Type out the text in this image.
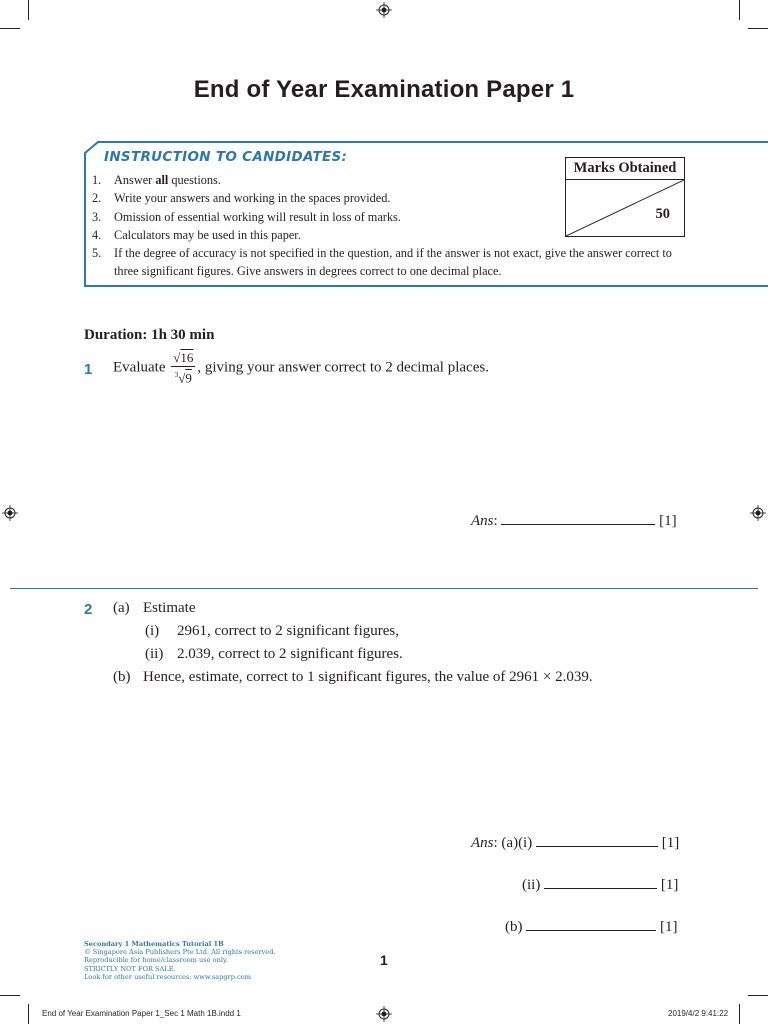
End of Year Examination Paper 1
INSTRUCTION TO CANDIDATES:
1.	Answer all questions.
2.	Write your answers and working in the spaces provided.
3.	Omission of essential working will result in loss of marks.
4.	Calculators may be used in this paper.
5.	If the degree of accuracy is not specified in the question, and if the answer is not exact, give the answer correct to three significant figures. Give answers in degrees correct to one decimal place.
Marks Obtained
50
Duration: 1h 30 min
1 Evaluate $\frac{√16}{^3√9}$ , giving your answer correct to 2 decimal places.
Ans:	[1]
2 (a) Estimate
(i) 2961, correct to 2 significant figures,
(ii) 2.039, correct to 2 significant figures.
(b) Hence, estimate, correct to 1 significant figures, the value of 2961 × 2.039.
Ans: (a)(i)	[1]
(ii)	[1]
(b)	[1]
Secondary 1 Mathematics Tutorial 1B
© Singapore Asia Publishers Pte Ltd. All rights reserved.
Reproducible for home/classroom use only.
STRICTLY NOT FOR SALE.
Look for other useful resources: www.sapgrp.com
1
End of Year Examination Paper 1_Sec 1 Math 1B.indd 1	2019/4/2 9:41:22
